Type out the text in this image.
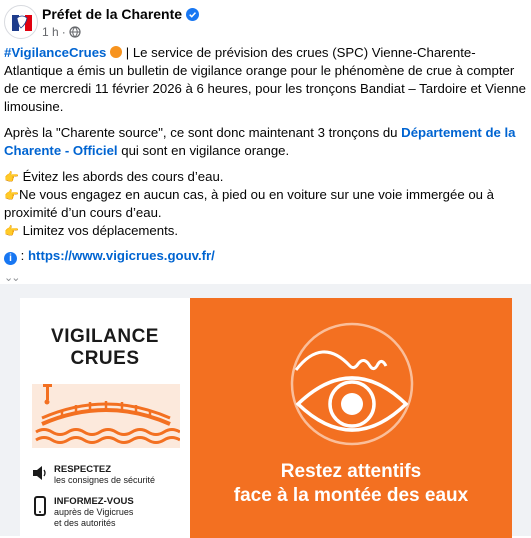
Préfet de la Charente
1 h ·

#VigilanceCrues  | Le service de prévision des crues (SPC) Vienne-Charente-Atlantique a émis un bulletin de vigilance orange pour le phénomène de crue à compter de ce mercredi 11 février 2026 à 6 heures, pour les tronçons Bandiat – Tardoire et Vienne limousine.

Après la "Charente source", ce sont donc maintenant 3 tronçons du Département de la Charente - Officiel qui sont en vigilance orange.

👉 Évitez les abords des cours d’eau.

👉Ne vous engagez en aucun cas, à pied ou en voiture sur une voie immergée ou à proximité d’un cours d’eau.

👉 Limitez vos déplacements.

i : https://www.vigicrues.gouv.fr/

⌄⌄
VIGILANCE
CRUES
RESPECTEZ
les consignes de sécurité
INFORMEZ-VOUS
auprès de Vigicrues
et des autorités
Restez attentifs
face à la montée des eaux
